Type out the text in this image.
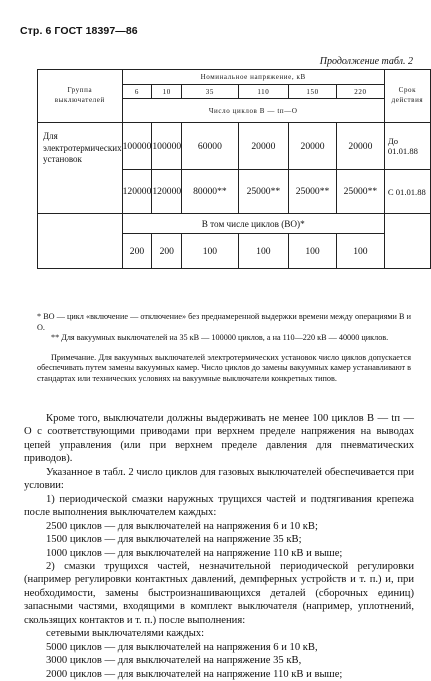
Стр. 6 ГОСТ 18397—86
Продолжение табл. 2
Группа выключателей	Номинальное напряжение, кВ						Срок действия
	6	10	35	110	150	220	
	Число циклов В — tп—О						
Для электротермических установок	100000	100000	60000	20000	20000	20000	До 01.01.88
	120000	120000	80000**	25000**	25000**	25000**	С 01.01.88
	В том числе циклов (ВО)*						
	200	200	100	100	100	100	

* ВО — цикл «включение — отключение» без преднамеренной выдержки времени между операциями В и О.

** Для вакуумных выключателей на 35 кВ — 100000 циклов, а на 110—220 кВ — 40000 циклов.

Примечание. Для вакуумных выключателей электротермических установок число циклов допускается обеспечивать путем замены вакуумных камер. Число циклов до замены вакуумных камер устанавливают в стандартах или технических условиях на вакуумные выключатели конкретных типов.

Кроме того, выключатели должны выдерживать не менее 100 циклов В — tп — О с соответствующими приводами при верхнем пределе напряжения на выводах цепей управления (или при верхнем пределе давления для пневматических приводов).

Указанное в табл. 2 число циклов для газовых выключателей обеспечивается при условии:

1) периодической смазки наружных трущихся частей и подтягивания крепежа после выполнения выключателем каждых:

2500 циклов — для выключателей на напряжения 6 и 10 кВ;

1500 циклов — для выключателей на напряжение 35 кВ;

1000 циклов — для выключателей на напряжение 110 кВ и выше;

2) смазки трущихся частей, незначительной периодической регулировки (например регулировки контактных давлений, демпферных устройств и т. п.) и, при необходимости, замены быстроизнашивающихся деталей (сборочных единиц) запасными частями, входящими в комплект выключателя (например, уплотнений, скользящих контактов и т. п.) после выполнения:

сетевыми выключателями каждых:

5000 циклов — для выключателей на напряжения 6 и 10 кВ,

3000 циклов — для выключателей на напряжение 35 кВ,

2000 циклов — для выключателей на напряжение 110 кВ и выше;
